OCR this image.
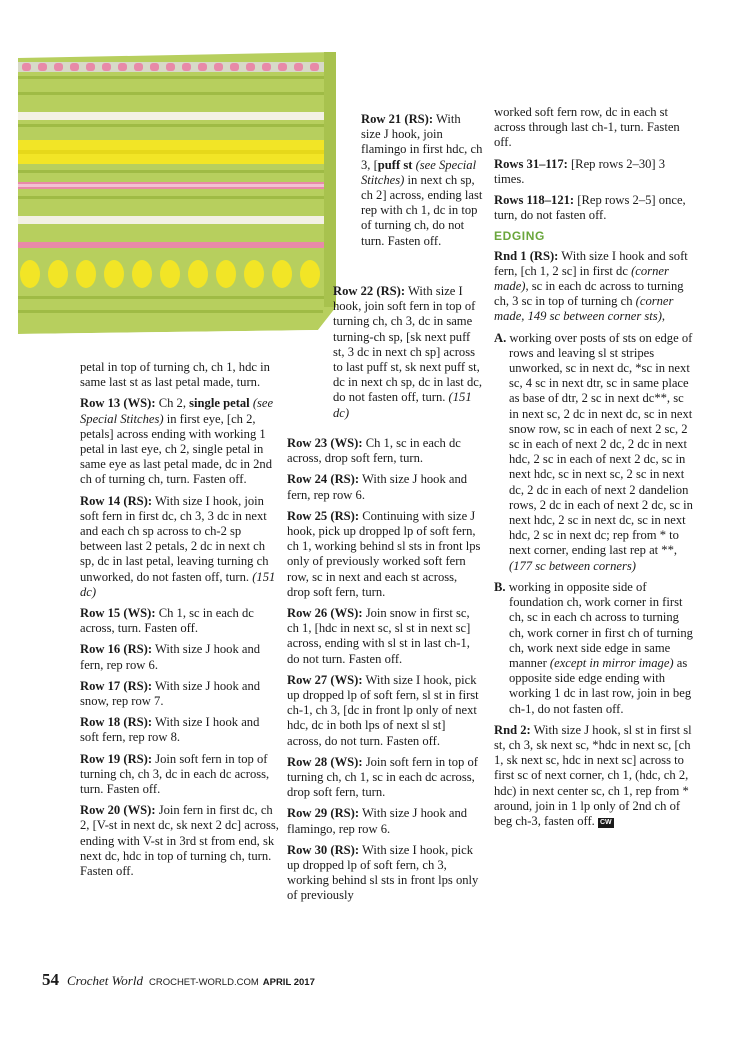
petal in top of turning ch, ch 1, hdc in same last st as last petal made, turn.

Row 13 (WS): Ch 2, single petal (see Special Stitches) in first eye, [ch 2, petals] across ending with working 1 petal in last eye, ch 2, single petal in same eye as last petal made, dc in 2nd ch of turning ch, turn. Fasten off.

Row 14 (RS): With size I hook, join soft fern in first dc, ch 3, 3 dc in next and each ch sp across to ch-2 sp between last 2 petals, 2 dc in next ch sp, dc in last petal, leaving turning ch unworked, do not fasten off, turn. (151 dc)

Row 15 (WS): Ch 1, sc in each dc across, turn. Fasten off.

Row 16 (RS): With size J hook and fern, rep row 6.

Row 17 (RS): With size J hook and snow, rep row 7.

Row 18 (RS): With size I hook and soft fern, rep row 8.

Row 19 (RS): Join soft fern in top of turning ch, ch 3, dc in each dc across, turn. Fasten off.

Row 20 (WS): Join fern in first dc, ch 2, [V-st in next dc, sk next 2 dc] across, ending with V-st in 3rd st from end, sk next dc, hdc in top of turning ch, turn. Fasten off.

Row 21 (RS): With size J hook, join flamingo in first hdc, ch 3, [puff st (see Special Stitches) in next ch sp, ch 2] across, ending last rep with ch 1, dc in top of turning ch, do not turn. Fasten off.

Row 22 (RS): With size I hook, join soft fern in top of turning ch, ch 3, dc in same turning-ch sp, [sk next puff st, 3 dc in next ch sp] across to last puff st, sk next puff st, dc in next ch sp, dc in last dc, do not fasten off, turn. (151 dc)

Row 23 (WS): Ch 1, sc in each dc across, drop soft fern, turn.

Row 24 (RS): With size J hook and fern, rep row 6.

Row 25 (RS): Continuing with size J hook, pick up dropped lp of soft fern, ch 1, working behind sl sts in front lps only of previously worked soft fern row, sc in next and each st across, drop soft fern, turn.

Row 26 (WS): Join snow in first sc, ch 1, [hdc in next sc, sl st in next sc] across, ending with sl st in last ch-1, do not turn. Fasten off.

Row 27 (WS): With size I hook, pick up dropped lp of soft fern, sl st in first ch-1, ch 3, [dc in front lp only of next hdc, dc in both lps of next sl st] across, do not turn. Fasten off.

Row 28 (WS): Join soft fern in top of turning ch, ch 1, sc in each dc across, drop soft fern, turn.

Row 29 (RS): With size J hook and flamingo, rep row 6.

Row 30 (RS): With size I hook, pick up dropped lp of soft fern, ch 3, working behind sl sts in front lps only of previously

worked soft fern row, dc in each st across through last ch-1, turn. Fasten off.

Rows 31–117: [Rep rows 2–30] 3 times.

Rows 118–121: [Rep rows 2–5] once, turn, do not fasten off.

EDGING

Rnd 1 (RS): With size I hook and soft fern, [ch 1, 2 sc] in first dc (corner made), sc in each dc across to turning ch, 3 sc in top of turning ch (corner made, 149 sc between corner sts),

A. working over posts of sts on edge of rows and leaving sl st stripes unworked, sc in next dc, *sc in next sc, 4 sc in next dtr, sc in same place as base of dtr, 2 sc in next dc**, sc in next sc, 2 dc in next dc, sc in next snow row, sc in each of next 2 sc, 2 sc in each of next 2 dc, 2 dc in next hdc, 2 sc in each of next 2 dc, sc in next hdc, sc in next sc, 2 sc in next dc, 2 dc in each of next 2 dandelion rows, 2 dc in each of next 2 dc, sc in next hdc, 2 sc in next dc, sc in next hdc, 2 sc in next dc; rep from * to next corner, ending last rep at **, (177 sc between corners)

B. working in opposite side of foundation ch, work corner in first ch, sc in each ch across to turning ch, work corner in first ch of turning ch, work next side edge in same manner (except in mirror image) as opposite side edge ending with working 1 dc in last row, join in beg ch-1, do not fasten off.

Rnd 2: With size J hook, sl st in first sl st, ch 3, sk next sc, *hdc in next sc, [ch 1, sk next sc, hdc in next sc] across to first sc of next corner, ch 1, (hdc, ch 2, hdc) in next center sc, ch 1, rep from * around, join in 1 lp only of 2nd ch of beg ch-3, fasten off. CW

54 Crochet World CROCHET-WORLD.COM APRIL 2017
